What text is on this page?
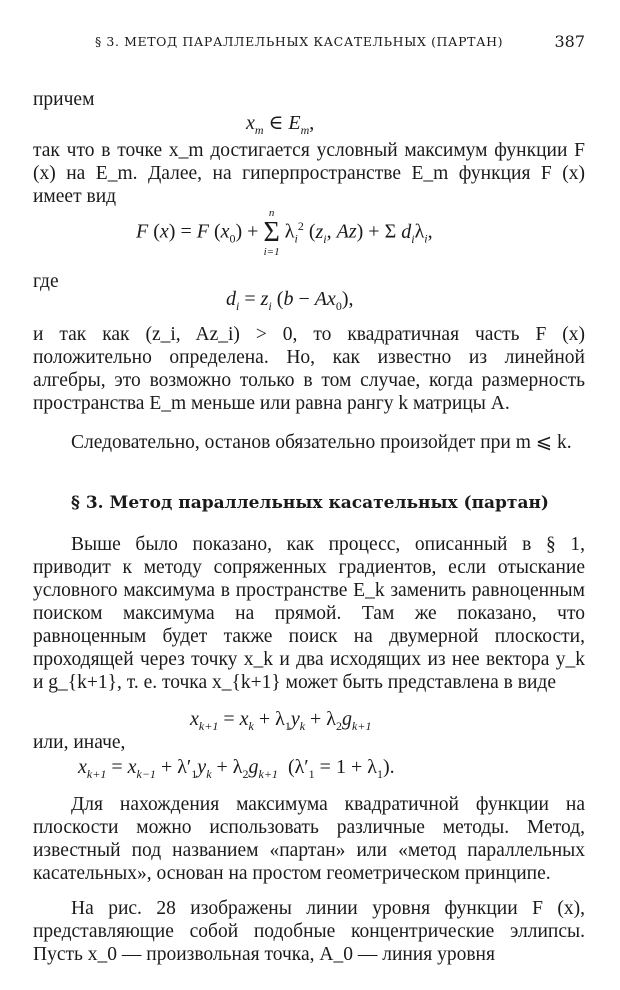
§ 3. МЕТОД ПАРАЛЛЕЛЬНЫХ КАСАТЕЛЬНЫХ (ПАРТАН)	387

причем

$x_m$ ∈ $E_m$,

так что в точке x_m достигается условный максимум функции F (x) на E_m. Далее, на гиперпространстве E_m функция F (x) имеет вид

F (x) = F $(x_0)$ +
n
Σ
i=1
$\lambda_i^2$ ($z_i$, Az) + Σ $d_i\lambda_i$,

где

$d_i = z_i$ $(b - Ax_0)$,

и так как (z_i, Az_i) > 0, то квадратичная часть F (x) положительно определена. Но, как известно из линейной алгебры, это возможно только в том случае, когда размерность пространства E_m меньше или равна рангу k матрицы A.

Следовательно, останов обязательно произойдет при m ⩽ k.

§ 3. Метод параллельных касательных (партан)

Выше было показано, как процесс, описанный в § 1, приводит к методу сопряженных градиентов, если отыскание условного максимума в пространстве E_k заменить равноценным поиском максимума на прямой. Там же показано, что равноценным будет также поиск на двумерной плоскости, проходящей через точку x_k и два исходящих из нее вектора y_k и g_{k+1}, т. е. точка x_{k+1} может быть представлена в виде

$x_{k+1} = x_k + \lambda_1y_k + \lambda_2g_{k+1}$

или, иначе,

$x_{k+1} = x_{k-1} + \lambda'_1y_k + \lambda_2g_{k+1}$  $(\lambda'_1 = 1 + \lambda_1)$.

Для нахождения максимума квадратичной функции на плоскости можно использовать различные методы. Метод, известный под названием «партан» или «метод параллельных касательных», основан на простом геометрическом принципе.

На рис. 28 изображены линии уровня функции F (x), представляющие собой подобные концентрические эллипсы. Пусть x_0 — произвольная точка, A_0 — линия уровня
